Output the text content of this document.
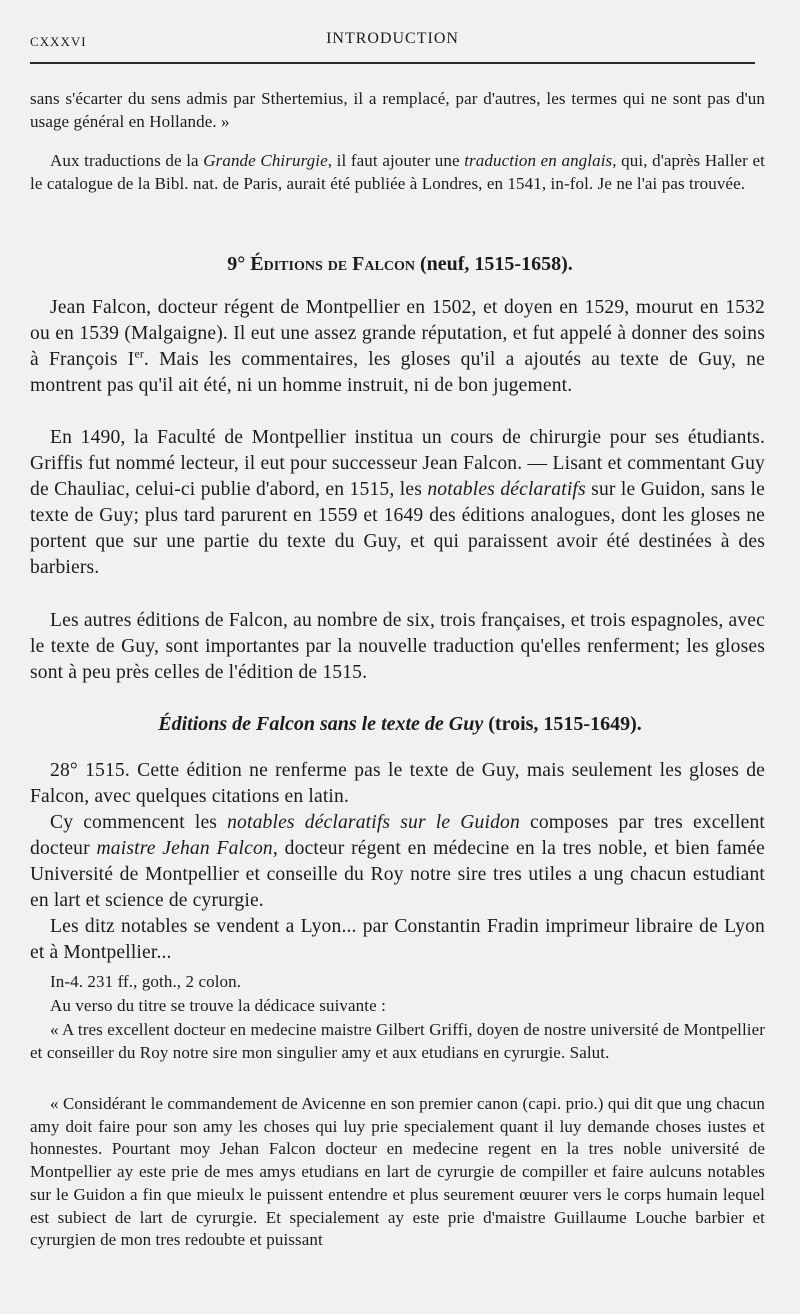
CXXXVI	INTRODUCTION

sans s'écarter du sens admis par Sthertemius, il a remplacé, par d'autres, les termes qui ne sont pas d'un usage général en Hollande. »

Aux traductions de la Grande Chirurgie, il faut ajouter une traduction en anglais, qui, d'après Haller et le catalogue de la Bibl. nat. de Paris, aurait été publiée à Londres, en 1541, in-fol. Je ne l'ai pas trouvée.

9° Éditions de Falcon (neuf, 1515-1658).

Jean Falcon, docteur régent de Montpellier en 1502, et doyen en 1529, mourut en 1532 ou en 1539 (Malgaigne). Il eut une assez grande réputation, et fut appelé à donner des soins à François Ier. Mais les commentaires, les gloses qu'il a ajoutés au texte de Guy, ne montrent pas qu'il ait été, ni un homme instruit, ni de bon jugement.

En 1490, la Faculté de Montpellier institua un cours de chirurgie pour ses étudiants. Griffis fut nommé lecteur, il eut pour successeur Jean Falcon. — Lisant et commentant Guy de Chauliac, celui-ci publie d'abord, en 1515, les notables déclaratifs sur le Guidon, sans le texte de Guy; plus tard parurent en 1559 et 1649 des éditions analogues, dont les gloses ne portent que sur une partie du texte du Guy, et qui paraissent avoir été destinées à des barbiers.

Les autres éditions de Falcon, au nombre de six, trois françaises, et trois espagnoles, avec le texte de Guy, sont importantes par la nouvelle traduction qu'elles renferment; les gloses sont à peu près celles de l'édition de 1515.

Éditions de Falcon sans le texte de Guy (trois, 1515-1649).

28° 1515. Cette édition ne renferme pas le texte de Guy, mais seulement les gloses de Falcon, avec quelques citations en latin.

Cy commencent les notables déclaratifs sur le Guidon composes par tres excellent docteur maistre Jehan Falcon, docteur régent en médecine en la tres noble, et bien famée Université de Montpellier et conseille du Roy notre sire tres utiles a ung chacun estudiant en lart et science de cyrurgie.

Les ditz notables se vendent a Lyon... par Constantin Fradin imprimeur libraire de Lyon et à Montpellier...

In-4. 231 ff., goth., 2 colon.

Au verso du titre se trouve la dédicace suivante :

« A tres excellent docteur en medecine maistre Gilbert Griffi, doyen de nostre université de Montpellier et conseiller du Roy notre sire mon singulier amy et aux etudians en cyrurgie. Salut.

« Considérant le commandement de Avicenne en son premier canon (capi. prio.) qui dit que ung chacun amy doit faire pour son amy les choses qui luy prie specialement quant il luy demande choses iustes et honnestes. Pourtant moy Jehan Falcon docteur en medecine regent en la tres noble université de Montpellier ay este prie de mes amys etudians en lart de cyrurgie de compiller et faire aulcuns notables sur le Guidon a fin que mieulx le puissent entendre et plus seurement œuurer vers le corps humain lequel est subiect de lart de cyrurgie. Et specialement ay este prie d'maistre Guillaume Louche barbier et cyrurgien de mon tres redoubte et puissant
